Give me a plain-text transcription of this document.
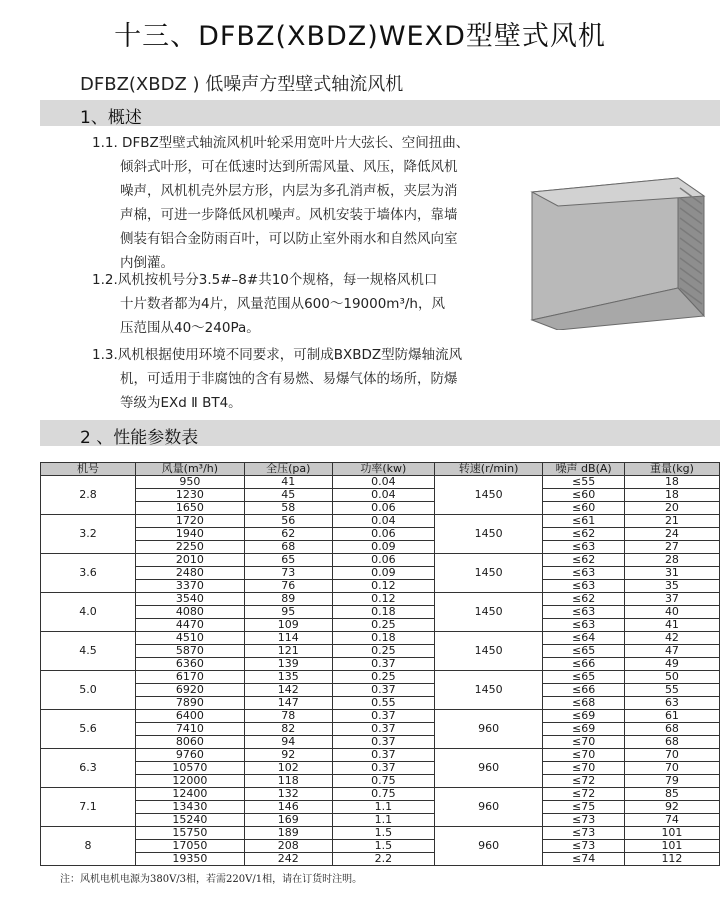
十三、DFBZ(XBDZ)WEXD型壁式风机
DFBZ(XBDZ ) 低噪声方型壁式轴流风机
1、概述
1.1. DFBZ型壁式轴流风机叶轮采用宽叶片大弦长、空间扭曲、
倾斜式叶形，可在低速时达到所需风量、风压，降低风机
噪声，风机机壳外层方形，内层为多孔消声板，夹层为消
声棉，可进一步降低风机噪声。风机安装于墙体内，靠墙
侧装有铝合金防雨百叶，可以防止室外雨水和自然风向室
内倒灌。
1.2.风机按机号分3.5#–8#共10个规格，每一规格风机口
十片数者都为4片，风量范围从600～19000m³/h，风
压范围从40～240Pa。
1.3.风机根据使用环境不同要求，可制成BXBDZ型防爆轴流风
机，可适用于非腐蚀的含有易燃、易爆气体的场所，防爆
等级为EXd Ⅱ BT4。
2 、性能参数表
机号	风量(m³/h)	全压(pa)	功率(kw)	转速(r/min)	噪声 dB(A)	重量(kg)
2.8	950	41	0.04	1450	≤55	18
	1230	45	0.04		≤60	18
	1650	58	0.06		≤60	20
3.2	1720	56	0.04	1450	≤61	21
	1940	62	0.06		≤62	24
	2250	68	0.09		≤63	27
3.6	2010	65	0.06	1450	≤62	28
	2480	73	0.09		≤63	31
	3370	76	0.12		≤63	35
4.0	3540	89	0.12	1450	≤62	37
	4080	95	0.18		≤63	40
	4470	109	0.25		≤63	41
4.5	4510	114	0.18	1450	≤64	42
	5870	121	0.25		≤65	47
	6360	139	0.37		≤66	49
5.0	6170	135	0.25	1450	≤65	50
	6920	142	0.37		≤66	55
	7890	147	0.55		≤68	63
5.6	6400	78	0.37	960	≤69	61
	7410	82	0.37		≤69	68
	8060	94	0.37		≤70	68
6.3	9760	92	0.37	960	≤70	70
	10570	102	0.37		≤70	70
	12000	118	0.75		≤72	79
7.1	12400	132	0.75	960	≤72	85
	13430	146	1.1		≤75	92
	15240	169	1.1		≤73	74
8	15750	189	1.5	960	≤73	101
	17050	208	1.5		≤73	101
	19350	242	2.2		≤74	112
注：风机电机电源为380V/3相，若需220V/1相，请在订货时注明。
